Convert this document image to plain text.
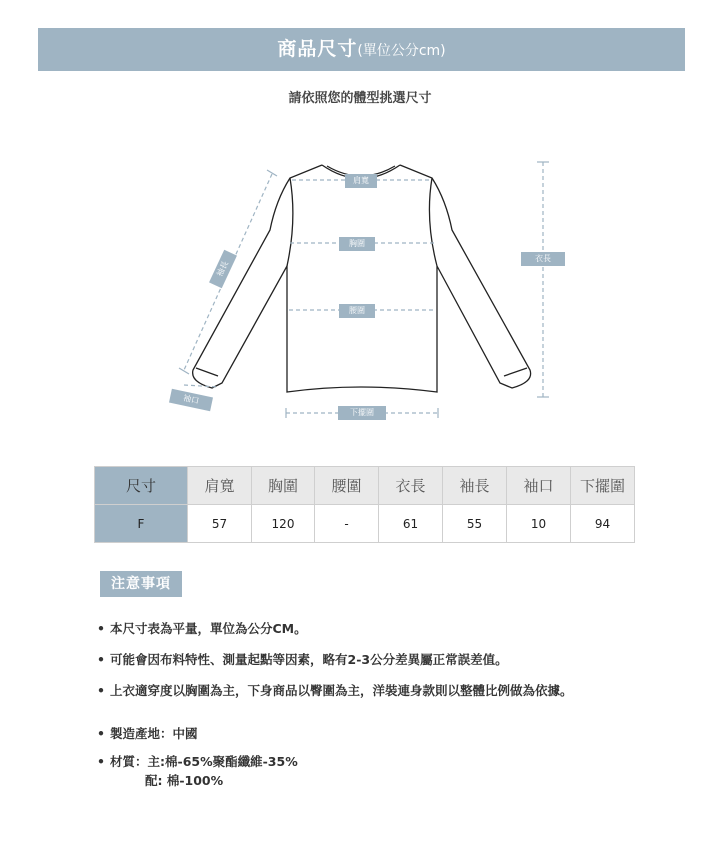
商品尺寸(單位公分cm)
請依照您的體型挑選尺寸
肩寬
胸圍
腰圍
衣長
袖長
袖口
下擺圍
尺寸	肩寬	胸圍	腰圍	衣長	袖長	袖口	下擺圍
F	57	120	-	61	55	10	94
注意事項
• 本尺寸表為平量，單位為公分CM。
• 可能會因布料特性、測量起點等因素，略有2-3公分差異屬正常誤差值。
• 上衣適穿度以胸圍為主，下身商品以臀圍為主，洋裝連身款則以整體比例做為依據。
• 製造產地：中國
• 材質：主:棉-65%聚酯纖維-35%
配: 棉-100%
